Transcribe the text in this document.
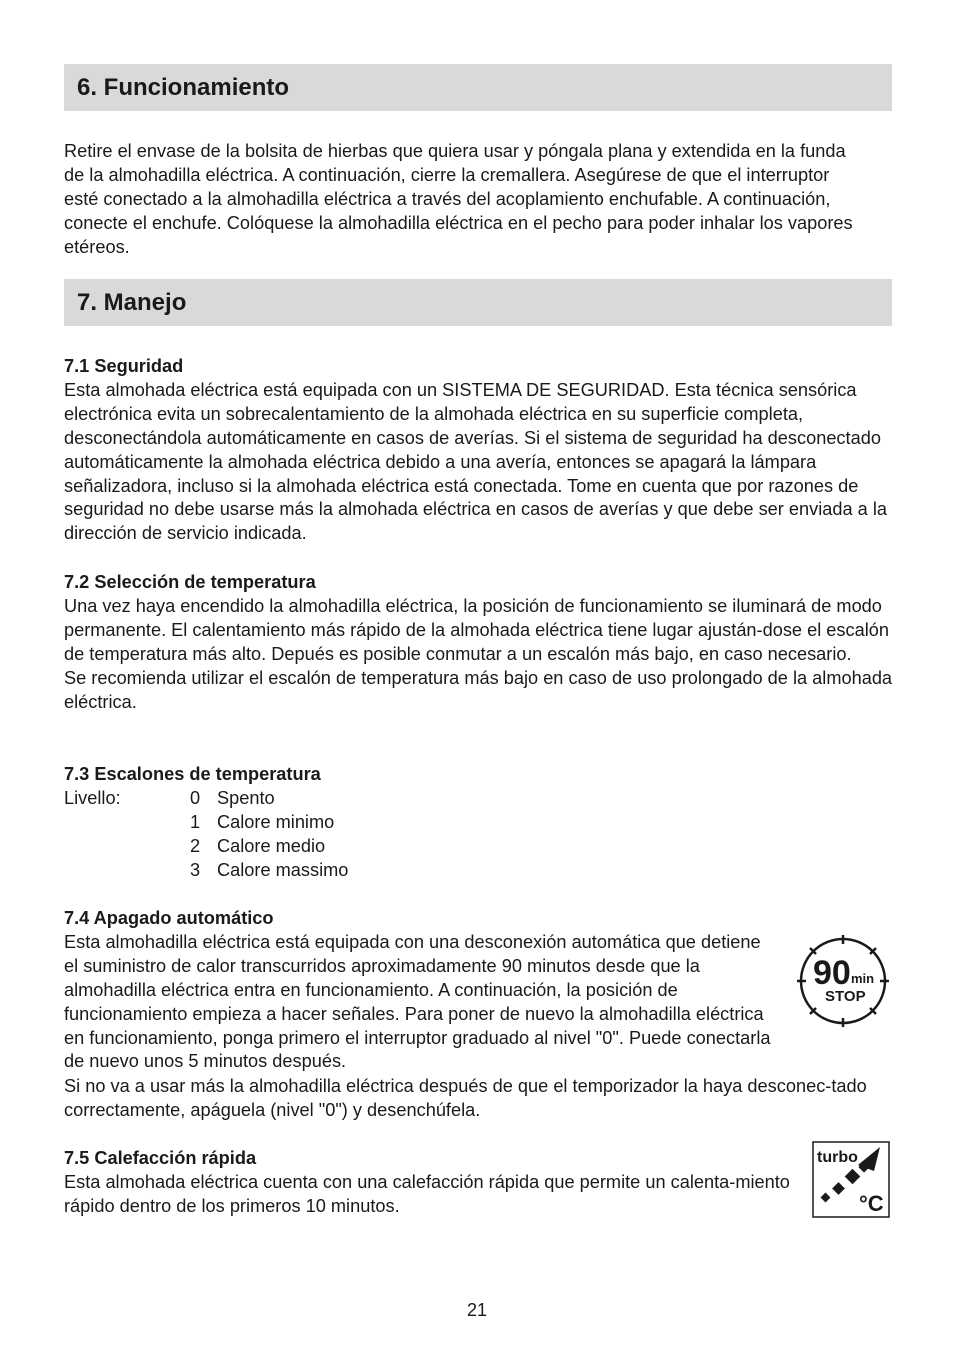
6. Funcionamiento

Retire el envase de la bolsita de hierbas que quiera usar y póngala plana y extendida en la funda de la almohadilla eléctrica. A continuación, cierre la cremallera. Asegúrese de que el interruptor esté conectado a la almohadilla eléctrica a través del acoplamiento enchufable. A continuación, conecte el enchufe. Colóquese la almohadilla eléctrica en el pecho para poder inhalar los vapores etéreos.

7. Manejo

7.1 Seguridad

Esta almohada eléctrica está equipada con un SISTEMA DE SEGURIDAD. Esta técnica sensórica electrónica evita un sobrecalentamiento de la almohada eléctrica en su superficie completa, desconectándola automáticamente en casos de averías. Si el sistema de seguridad ha desconectado automáticamente la almohada eléctrica debido a una avería, entonces se apagará la lámpara señalizadora, incluso si la almohada eléctrica está conectada. Tome en cuenta que por razones de seguridad no debe usarse más la almohada eléctrica en casos de averías y que debe ser enviada a la dirección de servicio indicada.

7.2 Selección de temperatura

Una vez haya encendido la almohadilla eléctrica, la posición de funcionamiento se iluminará de modo permanente. El calentamiento más rápido de la almohada eléctrica tiene lugar ajustán-dose el escalón de temperatura más alto. Depués es posible conmutar a un escalón más bajo, en caso necesario.

Se recomienda utilizar el escalón de temperatura más bajo en caso de uso prolongado de la almohada eléctrica.

7.3 Escalones de temperatura

Livello:	0 Spento
1 Calore minimo
2 Calore medio
3 Calore massimo

7.4 Apagado automático

Esta almohadilla eléctrica está equipada con una desconexión automática que detiene el suministro de calor transcurridos aproximadamente 90 minutos desde que la almohadilla eléctrica entra en funcionamiento. A continuación, la posición de funcionamiento empieza a hacer señales. Para poner de nuevo la almohadilla eléctrica en funcionamiento, ponga primero el interruptor graduado al nivel "0". Puede conectarla de nuevo unos 5 minutos después.

Si no va a usar más la almohadilla eléctrica después de que el temporizador la haya desconec-tado correctamente, apáguela (nivel "0") y desenchúfela.

90 min
STOP

7.5 Calefacción rápida

Esta almohada eléctrica cuenta con una calefacción rápida que permite un calenta-miento rápido dentro de los primeros 10 minutos.

turbo
°C
21
